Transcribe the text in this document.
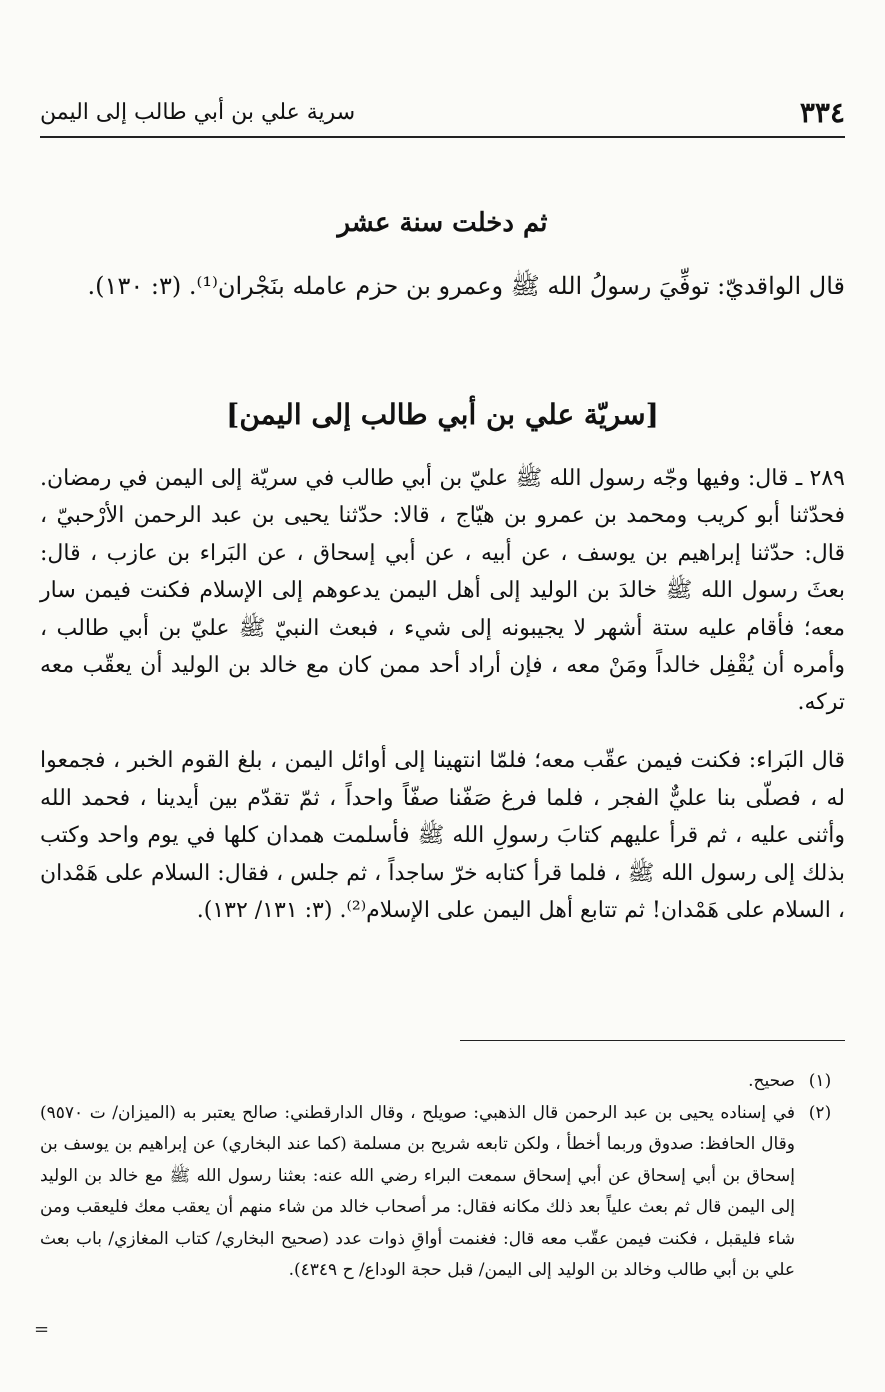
٣٣٤
سرية علي بن أبي طالب إلى اليمن
ثم دخلت سنة عشر

قال الواقديّ: توفِّيَ رسولُ الله ﷺ وعمرو بن حزم عامله بنَجْران⁽¹⁾. (٣: ١٣٠).

[سريّة علي بن أبي طالب إلى اليمن]

٢٨٩ ـ قال: وفيها وجّه رسول الله ﷺ عليّ بن أبي طالب في سريّة إلى اليمن في رمضان. فحدّثنا أبو كريب ومحمد بن عمرو بن هيّاج ، قالا: حدّثنا يحيى بن عبد الرحمن الأرْحبيّ ، قال: حدّثنا إبراهيم بن يوسف ، عن أبيه ، عن أبي إسحاق ، عن البَراء بن عازب ، قال: بعثَ رسول الله ﷺ خالدَ بن الوليد إلى أهل اليمن يدعوهم إلى الإسلام فكنت فيمن سار معه؛ فأقام عليه ستة أشهر لا يجيبونه إلى شيء ، فبعث النبيّ ﷺ عليّ بن أبي طالب ، وأمره أن يُقْفِل خالداً ومَنْ معه ، فإن أراد أحد ممن كان مع خالد بن الوليد أن يعقّب معه تركه.

قال البَراء: فكنت فيمن عقّب معه؛ فلمّا انتهينا إلى أوائل اليمن ، بلغ القوم الخبر ، فجمعوا له ، فصلّى بنا عليٌّ الفجر ، فلما فرغ صَفّنا صفّاً واحداً ، ثمّ تقدّم بين أيدينا ، فحمد الله وأثنى عليه ، ثم قرأ عليهم كتابَ رسولِ الله ﷺ فأسلمت همدان كلها في يوم واحد وكتب بذلك إلى رسول الله ﷺ ، فلما قرأ كتابه خرّ ساجداً ، ثم جلس ، فقال: السلام على هَمْدان ، السلام على هَمْدان! ثم تتابع أهل اليمن على الإسلام⁽²⁾. (٣: ١٣١/ ١٣٢).

(١)
صحيح.
(٢)
في إسناده يحيى بن عبد الرحمن قال الذهبي: صويلح ، وقال الدارقطني: صالح يعتبر به (الميزان/ ت ٩٥٧٠) وقال الحافظ: صدوق وربما أخطأ ، ولكن تابعه شريح بن مسلمة (كما عند البخاري) عن إبراهيم بن يوسف بن إسحاق بن أبي إسحاق عن أبي إسحاق سمعت البراء رضي الله عنه: بعثنا رسول الله ﷺ مع خالد بن الوليد إلى اليمن قال ثم بعث علياً بعد ذلك مكانه فقال: مر أصحاب خالد من شاء منهم أن يعقب معك فليعقب ومن شاء فليقبل ، فكنت فيمن عقّب معه قال: فغنمت أواقِ ذوات عدد (صحيح البخاري/ كتاب المغازي/ باب بعث علي بن أبي طالب وخالد بن الوليد إلى اليمن/ قبل حجة الوداع/ ح ٤٣٤٩).
=
